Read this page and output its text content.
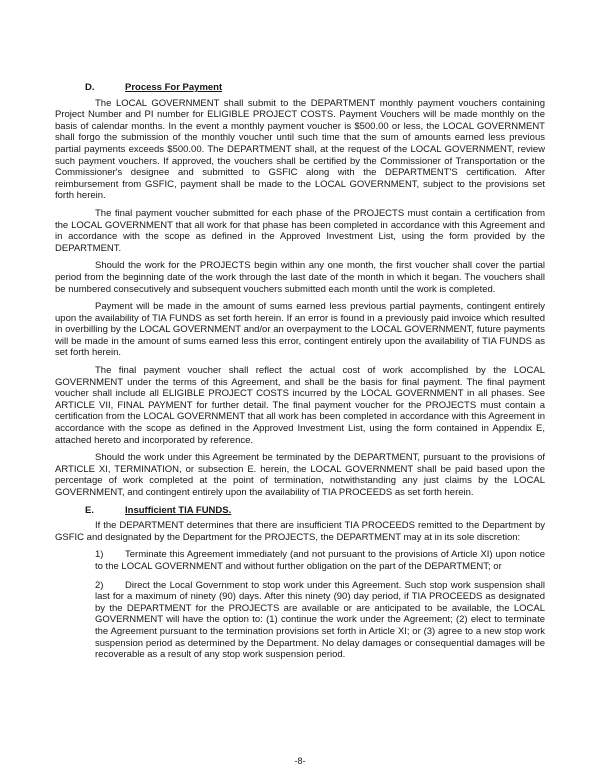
D.	Process For Payment

The LOCAL GOVERNMENT shall submit to the DEPARTMENT monthly payment vouchers containing Project Number and PI number for ELIGIBLE PROJECT COSTS. Payment Vouchers will be made monthly on the basis of calendar months. In the event a monthly payment voucher is $500.00 or less, the LOCAL GOVERNMENT shall forgo the submission of the monthly voucher until such time that the sum of amounts earned less previous partial payments exceeds $500.00. The DEPARTMENT shall, at the request of the LOCAL GOVERNMENT, review such payment vouchers. If approved, the vouchers shall be certified by the Commissioner of Transportation or the Commissioner's designee and submitted to GSFIC along with the DEPARTMENT'S certification. After reimbursement from GSFIC, payment shall be made to the LOCAL GOVERNMENT, subject to the provisions set forth herein.

The final payment voucher submitted for each phase of the PROJECTS must contain a certification from the LOCAL GOVERNMENT that all work for that phase has been completed in accordance with this Agreement and in accordance with the scope as defined in the Approved Investment List, using the form provided by the DEPARTMENT.

Should the work for the PROJECTS begin within any one month, the first voucher shall cover the partial period from the beginning date of the work through the last date of the month in which it began. The vouchers shall be numbered consecutively and subsequent vouchers submitted each month until the work is completed.

Payment will be made in the amount of sums earned less previous partial payments, contingent entirely upon the availability of TIA FUNDS as set forth herein. If an error is found in a previously paid invoice which resulted in overbilling by the LOCAL GOVERNMENT and/or an overpayment to the LOCAL GOVERNMENT, future payments will be made in the amount of sums earned less this error, contingent entirely upon the availability of TIA FUNDS as set forth herein.

The final payment voucher shall reflect the actual cost of work accomplished by the LOCAL GOVERNMENT under the terms of this Agreement, and shall be the basis for final payment. The final payment voucher shall include all ELIGIBLE PROJECT COSTS incurred by the LOCAL GOVERNMENT in all phases. See ARTICLE VII, FINAL PAYMENT for further detail. The final payment voucher for the PROJECTS must contain a certification from the LOCAL GOVERNMENT that all work has been completed in accordance with this Agreement in accordance with the scope as defined in the Approved Investment List, using the form contained in Appendix E, attached hereto and incorporated by reference.

Should the work under this Agreement be terminated by the DEPARTMENT, pursuant to the provisions of ARTICLE XI, TERMINATION, or subsection E. herein, the LOCAL GOVERNMENT shall be paid based upon the percentage of work completed at the point of termination, notwithstanding any just claims by the LOCAL GOVERNMENT, and contingent entirely upon the availability of TIA PROCEEDS as set forth herein.

E.	Insufficient TIA FUNDS.

If the DEPARTMENT determines that there are insufficient TIA PROCEEDS remitted to the Department by GSFIC and designated by the Department for the PROJECTS, the DEPARTMENT may at in its sole discretion:

1) Terminate this Agreement immediately (and not pursuant to the provisions of Article XI) upon notice to the LOCAL GOVERNMENT and without further obligation on the part of the DEPARTMENT; or

2) Direct the Local Government to stop work under this Agreement. Such stop work suspension shall last for a maximum of ninety (90) days. After this ninety (90) day period, if TIA PROCEEDS as designated by the DEPARTMENT for the PROJECTS are available or are anticipated to be available, the LOCAL GOVERNMENT will have the option to: (1) continue the work under the Agreement; (2) elect to terminate the Agreement pursuant to the termination provisions set forth in Article XI; or (3) agree to a new stop work suspension period as determined by the Department. No delay damages or consequential damages will be recoverable as a result of any stop work suspension period.

-8-
